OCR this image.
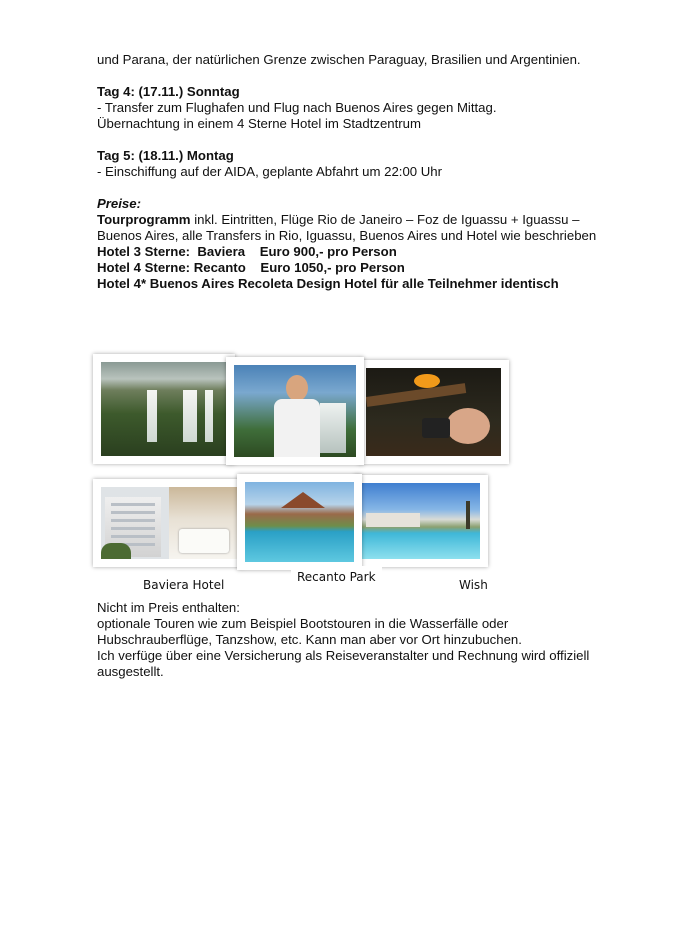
und Parana, der natürlichen Grenze zwischen Paraguay, Brasilien und Argentinien.

Tag 4: (17.11.) Sonntag

- Transfer zum Flughafen und Flug nach Buenos Aires gegen Mittag.

Übernachtung in einem 4 Sterne Hotel im Stadtzentrum

Tag 5: (18.11.) Montag

- Einschiffung auf der AIDA, geplante Abfahrt um 22:00 Uhr

Preise:

Tourprogramm inkl. Eintritten, Flüge Rio de Janeiro – Foz de Iguassu + Iguassu – Buenos Aires, alle Transfers in Rio, Iguassu, Buenos Aires und Hotel wie beschrieben

Hotel 3 Sterne:  Baviera    Euro 900,- pro Person

Hotel 4 Sterne: Recanto    Euro 1050,- pro Person

Hotel 4* Buenos Aires Recoleta Design Hotel für alle Teilnehmer identisch

Baviera Hotel
Recanto Park
Wish

Nicht im Preis enthalten:

optionale Touren wie zum Beispiel Bootstouren in die Wasserfälle oder Hubschrauberflüge, Tanzshow, etc. Kann man aber vor Ort hinzubuchen.

Ich verfüge über eine Versicherung als Reiseveranstalter und Rechnung wird offiziell ausgestellt.
